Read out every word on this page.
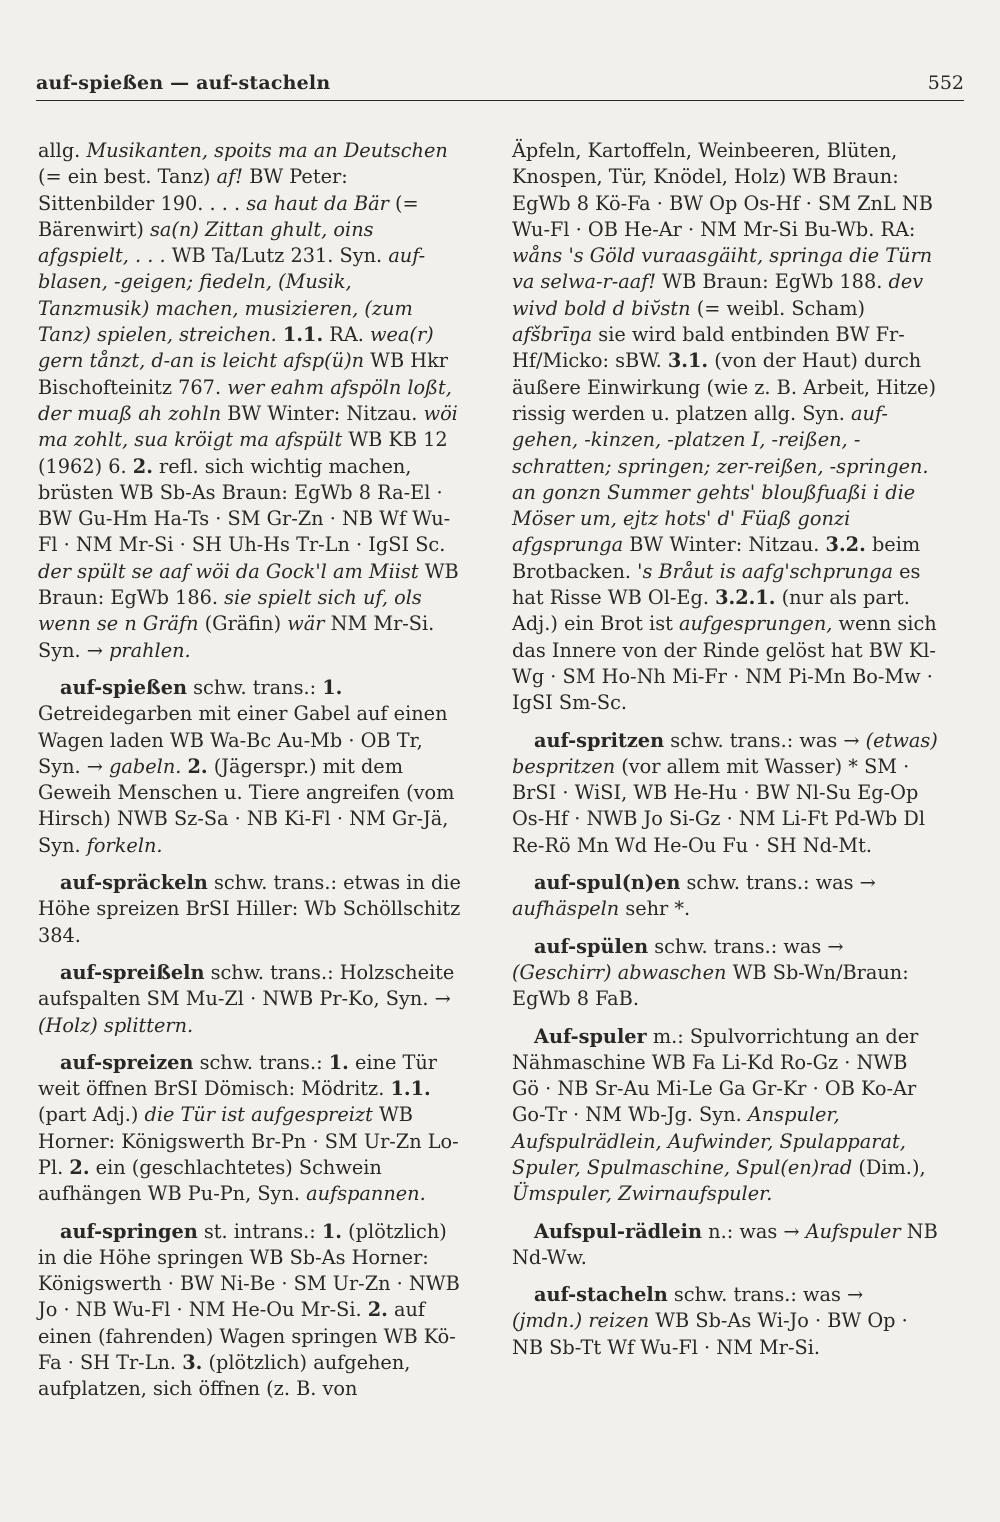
auf-spießen — auf-stacheln	552

allg. Musikanten, spoits ma an Deutschen (= ein best. Tanz) af! BW Peter: Sittenbilder 190. . . . sa haut da Bär (= Bärenwirt) sa(n) Zittan ghult, oins afgspielt, . . . WB Ta/Lutz 231. Syn. auf-blasen, -geigen; fiedeln, (Musik, Tanzmusik) machen, musizieren, (zum Tanz) spielen, streichen. 1.1. RA. wea(r) gern tånzt, d-an is leicht afsp(ü)n WB Hkr Bischofteinitz 767. wer eahm afspöln loßt, der muaß ah zohln BW Winter: Nitzau. wöi ma zohlt, sua kröigt ma afspült WB KB 12 (1962) 6. 2. refl. sich wichtig machen, brüsten WB Sb-As Braun: EgWb 8 Ra-El · BW Gu-Hm Ha-Ts · SM Gr-Zn · NB Wf Wu-Fl · NM Mr-Si · SH Uh-Hs Tr-Ln · IgSI Sc. der spült se aaf wöi da Gock'l am Miist WB Braun: EgWb 186. sie spielt sich uf, ols wenn se n Gräfn (Gräfin) wär NM Mr-Si. Syn. → prahlen.

auf-spießen schw. trans.: 1. Getreidegarben mit einer Gabel auf einen Wagen laden WB Wa-Bc Au-Mb · OB Tr, Syn. → gabeln. 2. (Jägerspr.) mit dem Geweih Menschen u. Tiere angreifen (vom Hirsch) NWB Sz-Sa · NB Ki-Fl · NM Gr-Jä, Syn. forkeln.

auf-spräckeln schw. trans.: etwas in die Höhe spreizen BrSI Hiller: Wb Schöllschitz 384.

auf-spreißeln schw. trans.: Holzscheite aufspalten SM Mu-Zl · NWB Pr-Ko, Syn. → (Holz) splittern.

auf-spreizen schw. trans.: 1. eine Tür weit öffnen BrSI Dömisch: Mödritz. 1.1. (part Adj.) die Tür ist aufgespreizt WB Horner: Königswerth Br-Pn · SM Ur-Zn Lo-Pl. 2. ein (geschlachtetes) Schwein aufhängen WB Pu-Pn, Syn. aufspannen.

auf-springen st. intrans.: 1. (plötzlich) in die Höhe springen WB Sb-As Horner: Königswerth · BW Ni-Be · SM Ur-Zn · NWB Jo · NB Wu-Fl · NM He-Ou Mr-Si. 2. auf einen (fahrenden) Wagen springen WB Kö-Fa · SH Tr-Ln. 3. (plötzlich) aufgehen, aufplatzen, sich öffnen (z. B. von

Äpfeln, Kartoffeln, Weinbeeren, Blüten, Knospen, Tür, Knödel, Holz) WB Braun: EgWb 8 Kö-Fa · BW Op Os-Hf · SM ZnL NB Wu-Fl · OB He-Ar · NM Mr-Si Bu-Wb. RA: wåns 's Göld vuraasgäiht, springa die Türn va selwa-r-aaf! WB Braun: EgWb 188. dev wivd bold d biv̆stn (= weibl. Scham) afšbrīŋa sie wird bald entbinden BW Fr-Hf/Micko: sBW. 3.1. (von der Haut) durch äußere Einwirkung (wie z. B. Arbeit, Hitze) rissig werden u. platzen allg. Syn. auf-gehen, -kinzen, -platzen I, -reißen, -schratten; springen; zer-reißen, -springen. an gonzn Summer gehts' bloußfuaßi i die Möser um, ejtz hots' d' Füaß gonzi afgsprunga BW Winter: Nitzau. 3.2. beim Brotbacken. 's Bråut is aafg'schprunga es hat Risse WB Ol-Eg. 3.2.1. (nur als part. Adj.) ein Brot ist aufgesprungen, wenn sich das Innere von der Rinde gelöst hat BW Kl-Wg · SM Ho-Nh Mi-Fr · NM Pi-Mn Bo-Mw · IgSI Sm-Sc.

auf-spritzen schw. trans.: was → (etwas) bespritzen (vor allem mit Wasser) * SM · BrSI · WiSI, WB He-Hu · BW Nl-Su Eg-Op Os-Hf · NWB Jo Si-Gz · NM Li-Ft Pd-Wb Dl Re-Rö Mn Wd He-Ou Fu · SH Nd-Mt.

auf-spul(n)en schw. trans.: was → aufhäspeln sehr *.

auf-spülen schw. trans.: was → (Geschirr) abwaschen WB Sb-Wn/Braun: EgWb 8 FaB.

Auf-spuler m.: Spulvorrichtung an der Nähmaschine WB Fa Li-Kd Ro-Gz · NWB Gö · NB Sr-Au Mi-Le Ga Gr-Kr · OB Ko-Ar Go-Tr · NM Wb-Jg. Syn. Anspuler, Aufspulrädlein, Aufwinder, Spulapparat, Spuler, Spulmaschine, Spul(en)rad (Dim.), Ümspuler, Zwirnaufspuler.

Aufspul-rädlein n.: was → Aufspuler NB Nd-Ww.

auf-stacheln schw. trans.: was → (jmdn.) reizen WB Sb-As Wi-Jo · BW Op · NB Sb-Tt Wf Wu-Fl · NM Mr-Si.
